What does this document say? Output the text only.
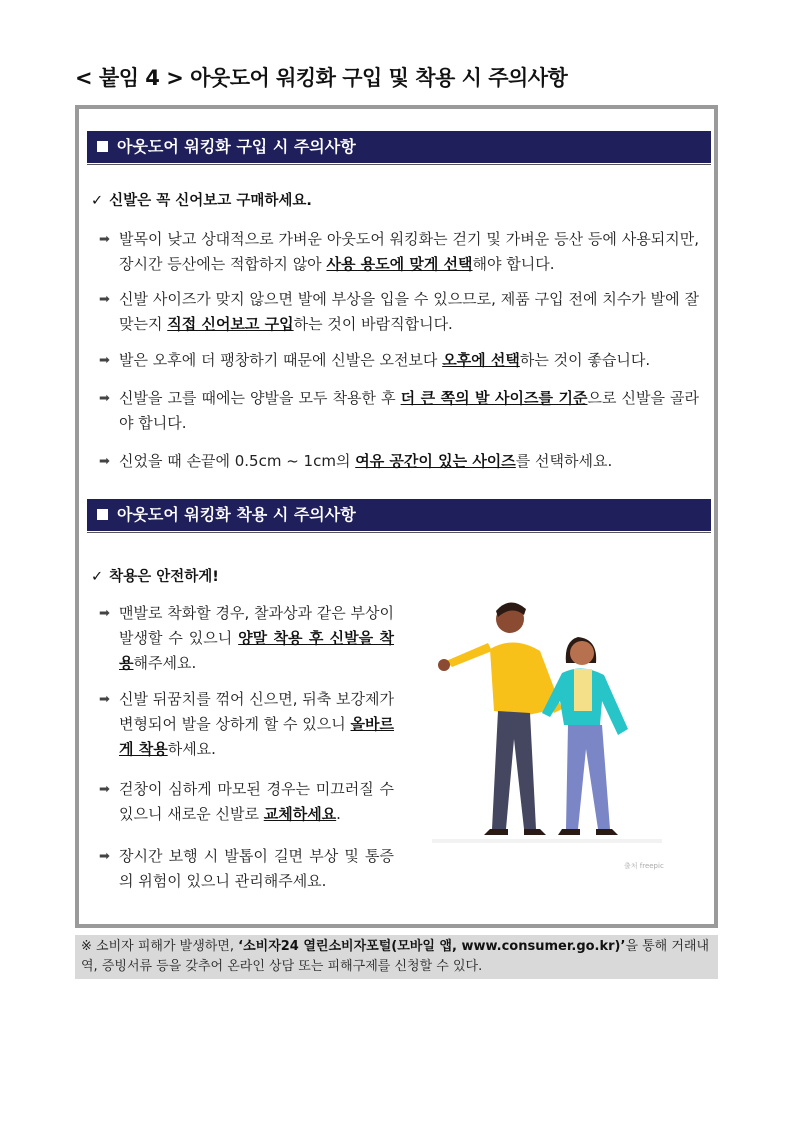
< 붙임 4 > 아웃도어 워킹화 구입 및 착용 시 주의사항
아웃도어 워킹화 구입 시 주의사항
✓ 신발은 꼭 신어보고 구매하세요.
➡ 발목이 낮고 상대적으로 가벼운 아웃도어 워킹화는 걷기 및 가벼운 등산 등에 사용되지만, 장시간 등산에는 적합하지 않아 사용 용도에 맞게 선택해야 합니다.
➡ 신발 사이즈가 맞지 않으면 발에 부상을 입을 수 있으므로, 제품 구입 전에 치수가 발에 잘 맞는지 직접 신어보고 구입하는 것이 바람직합니다.
➡ 발은 오후에 더 팽창하기 때문에 신발은 오전보다 오후에 선택하는 것이 좋습니다.
➡ 신발을 고를 때에는 양발을 모두 착용한 후 더 큰 쪽의 발 사이즈를 기준으로 신발을 골라야 합니다.
➡ 신었을 때 손끝에 0.5cm ~ 1cm의 여유 공간이 있는 사이즈를 선택하세요.
아웃도어 워킹화 착용 시 주의사항
✓ 착용은 안전하게!
➡ 맨발로 착화할 경우, 찰과상과 같은 부상이 발생할 수 있으니 양말 착용 후 신발을 착용해주세요.
➡ 신발 뒤꿈치를 꺾어 신으면, 뒤축 보강제가 변형되어 발을 상하게 할 수 있으니 올바르게 착용하세요.
➡ 걷창이 심하게 마모된 경우는 미끄러질 수 있으니 새로운 신발로 교체하세요.
➡ 장시간 보행 시 발톱이 길면 부상 및 통증의 위험이 있으니 관리해주세요.
출처 freepic
※ 소비자 피해가 발생하면, ‘소비자24 열린소비자포털(모바일 앱, www.consumer.go.kr)’을 통해 거래내역, 증빙서류 등을 갖추어 온라인 상담 또는 피해구제를 신청할 수 있다.
